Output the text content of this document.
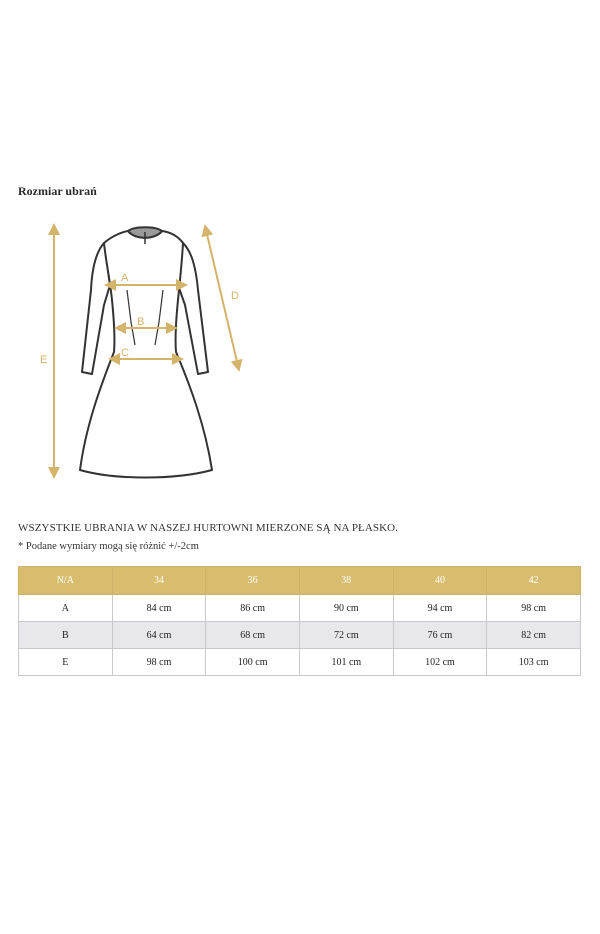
Rozmiar ubrań
A
B
C
D
E
WSZYSTKIE UBRANIA W NASZEJ HURTOWNI MIERZONE SĄ NA PŁASKO.
* Podane wymiary mogą się różnić +/-2cm
N/A	34	36	38	40	42
A	84 cm	86 cm	90 cm	94 cm	98 cm
B	64 cm	68 cm	72 cm	76 cm	82 cm
E	98 cm	100 cm	101 cm	102 cm	103 cm
